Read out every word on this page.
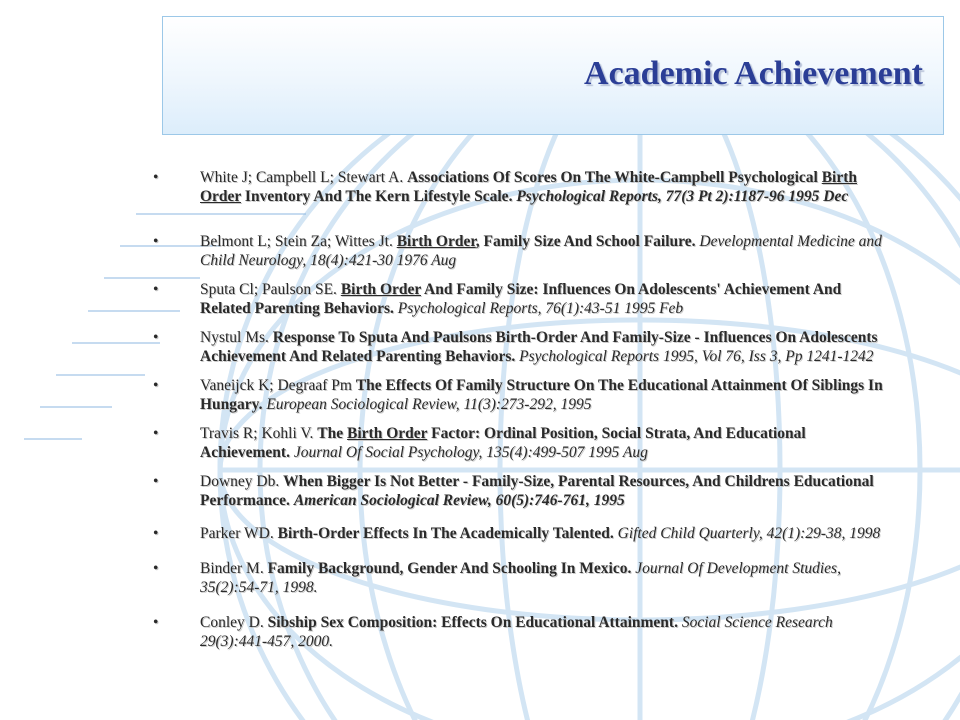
Academic Achievement
•	White J; Campbell L; Stewart A. Associations Of Scores On The White-Campbell Psychological Birth Order Inventory And The Kern Lifestyle Scale. Psychological Reports, 77(3 Pt 2):1187-96 1995 Dec
•	Belmont L; Stein Za; Wittes Jt. Birth Order, Family Size And School Failure. Developmental Medicine and Child Neurology, 18(4):421-30 1976 Aug
•	Sputa Cl; Paulson SE. Birth Order And Family Size: Influences On Adolescents' Achievement And Related Parenting Behaviors. Psychological Reports, 76(1):43-51 1995 Feb
•	Nystul Ms. Response To Sputa And Paulsons Birth-Order And Family-Size - Influences On Adolescents Achievement And Related Parenting Behaviors. Psychological Reports 1995, Vol 76, Iss 3, Pp 1241-1242
•	Vaneijck K; Degraaf Pm The Effects Of Family Structure On The Educational Attainment Of Siblings In Hungary. European Sociological Review, 11(3):273-292, 1995
•	Travis R; Kohli V. The Birth Order Factor: Ordinal Position, Social Strata, And Educational Achievement. Journal Of Social Psychology, 135(4):499-507 1995 Aug
•	Downey Db. When Bigger Is Not Better - Family-Size, Parental Resources, And Childrens Educational Performance. American Sociological Review, 60(5):746-761, 1995
•	Parker WD. Birth-Order Effects In The Academically Talented. Gifted Child Quarterly, 42(1):29-38, 1998
•	Binder M. Family Background, Gender And Schooling In Mexico. Journal Of Development Studies, 35(2):54-71, 1998.
•	Conley D. Sibship Sex Composition: Effects On Educational Attainment. Social Science Research 29(3):441-457, 2000.
